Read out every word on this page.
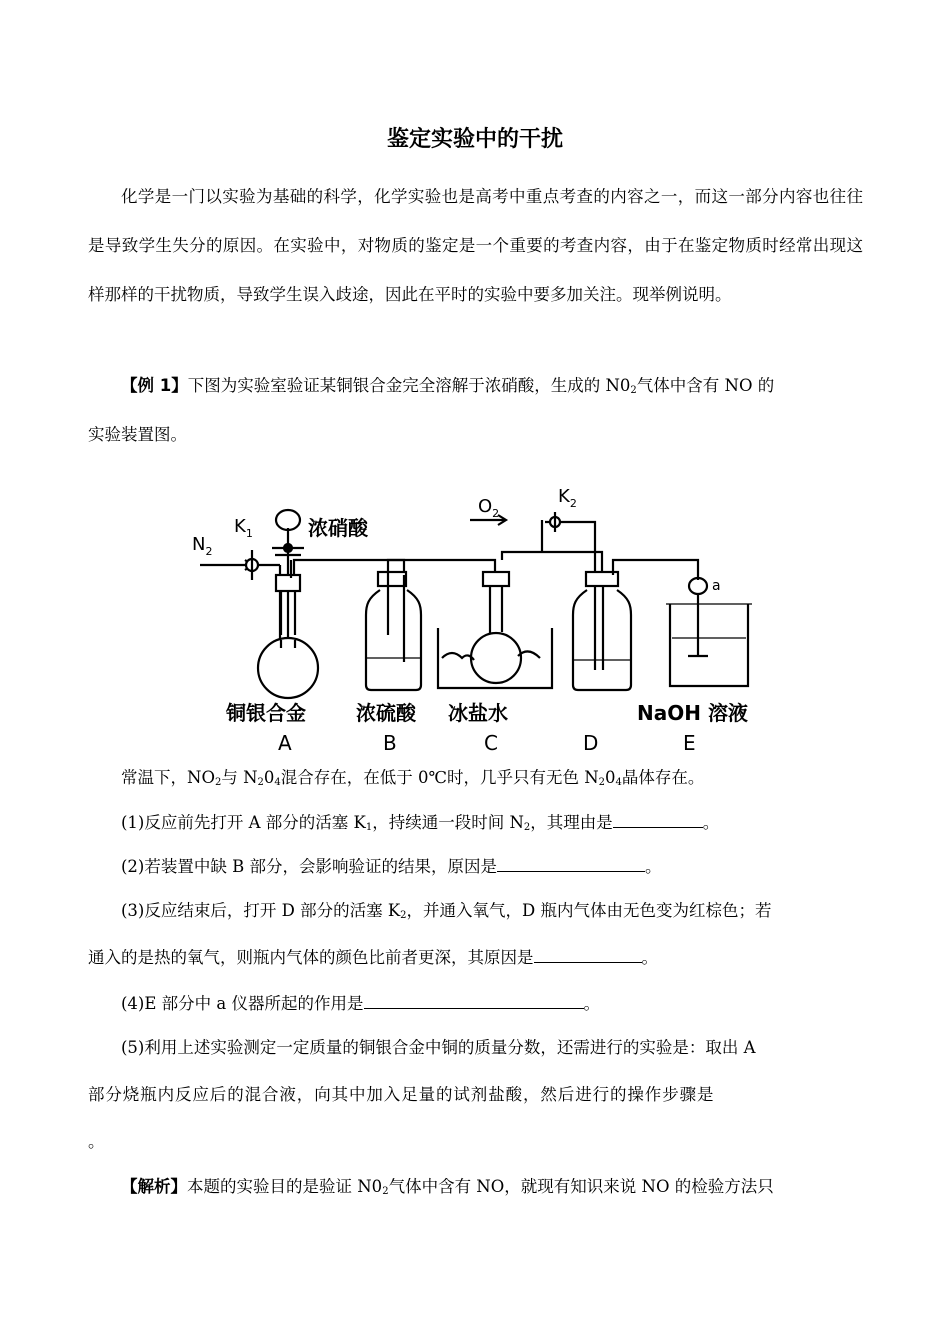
鉴定实验中的干扰

化学是一门以实验为基础的科学，化学实验也是高考中重点考查的内容之一，而这一部分内容也往往是导致学生失分的原因。在实验中，对物质的鉴定是一个重要的考查内容，由于在鉴定物质时经常出现这样那样的干扰物质，导致学生误入歧途，因此在平时的实验中要多加关注。现举例说明。

【例 1】下图为实验室验证某铜银合金完全溶解于浓硝酸，生成的 $N0_2$气体中含有 NO 的
实验装置图。
$N_2$
$K_1$	浓硝酸
$O_2$
$K_2$
a
铜银合金	浓硫酸 冰盐水	NaOH 溶液
A	B	C	D	E
常温下，$NO_2$与 $N_20_4$混合存在，在低于 0℃时，几乎只有无色 $N_20_4$晶体存在。
(1)反应前先打开 A 部分的活塞 $K_1$，持续通一段时间 $N_2$，其理由是	。
(2)若装置中缺 B 部分，会影响验证的结果，原因是	。
(3)反应结束后，打开 D 部分的活塞 $K_2$，并通入氧气，D 瓶内气体由无色变为红棕色；若
通入的是热的氧气，则瓶内气体的颜色比前者更深，其原因是	。
(4)E 部分中 a 仪器所起的作用是	。
(5)利用上述实验测定一定质量的铜银合金中铜的质量分数，还需进行的实验是：取出 A
部分烧瓶内反应后的混合液，向其中加入足量的试剂盐酸，然后进行的操作步骤是
。
【解析】本题的实验目的是验证 $N0_2$气体中含有 NO，就现有知识来说 NO 的检验方法只
